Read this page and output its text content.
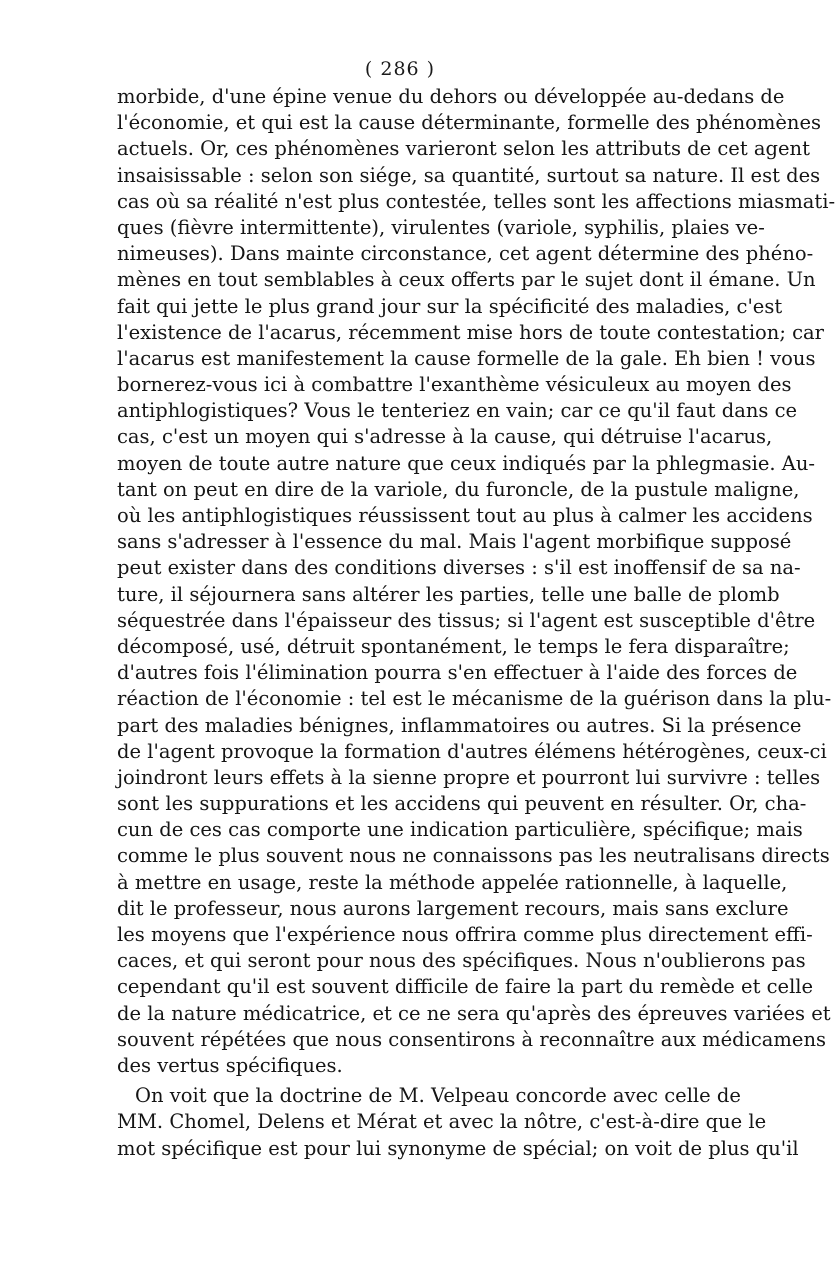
( 286 )
morbide, d'une épine venue du dehors ou développée au-dedans de
l'économie, et qui est la cause déterminante, formelle des phénomènes
actuels. Or, ces phénomènes varieront selon les attributs de cet agent
insaisissable : selon son siége, sa quantité, surtout sa nature. Il est des
cas où sa réalité n'est plus contestée, telles sont les affections miasmati-
ques (fièvre intermittente), virulentes (variole, syphilis, plaies ve-
nimeuses). Dans mainte circonstance, cet agent détermine des phéno-
mènes en tout semblables à ceux offerts par le sujet dont il émane. Un
fait qui jette le plus grand jour sur la spécificité des maladies, c'est
l'existence de l'acarus, récemment mise hors de toute contestation; car
l'acarus est manifestement la cause formelle de la gale. Eh bien ! vous
bornerez-vous ici à combattre l'exanthème vésiculeux au moyen des
antiphlogistiques? Vous le tenteriez en vain; car ce qu'il faut dans ce
cas, c'est un moyen qui s'adresse à la cause, qui détruise l'acarus,
moyen de toute autre nature que ceux indiqués par la phlegmasie. Au-
tant on peut en dire de la variole, du furoncle, de la pustule maligne,
où les antiphlogistiques réussissent tout au plus à calmer les accidens
sans s'adresser à l'essence du mal. Mais l'agent morbifique supposé
peut exister dans des conditions diverses : s'il est inoffensif de sa na-
ture, il séjournera sans altérer les parties, telle une balle de plomb
séquestrée dans l'épaisseur des tissus; si l'agent est susceptible d'être
décomposé, usé, détruit spontanément, le temps le fera disparaître;
d'autres fois l'élimination pourra s'en effectuer à l'aide des forces de
réaction de l'économie : tel est le mécanisme de la guérison dans la plu-
part des maladies bénignes, inflammatoires ou autres. Si la présence
de l'agent provoque la formation d'autres élémens hétérogènes, ceux-ci
joindront leurs effets à la sienne propre et pourront lui survivre : telles
sont les suppurations et les accidens qui peuvent en résulter. Or, cha-
cun de ces cas comporte une indication particulière, spécifique; mais
comme le plus souvent nous ne connaissons pas les neutralisans directs
à mettre en usage, reste la méthode appelée rationnelle, à laquelle,
dit le professeur, nous aurons largement recours, mais sans exclure
les moyens que l'expérience nous offrira comme plus directement effi-
caces, et qui seront pour nous des spécifiques. Nous n'oublierons pas
cependant qu'il est souvent difficile de faire la part du remède et celle
de la nature médicatrice, et ce ne sera qu'après des épreuves variées et
souvent répétées que nous consentirons à reconnaître aux médicamens
des vertus spécifiques.
On voit que la doctrine de M. Velpeau concorde avec celle de
MM. Chomel, Delens et Mérat et avec la nôtre, c'est-à-dire que le
mot spécifique est pour lui synonyme de spécial; on voit de plus qu'il
